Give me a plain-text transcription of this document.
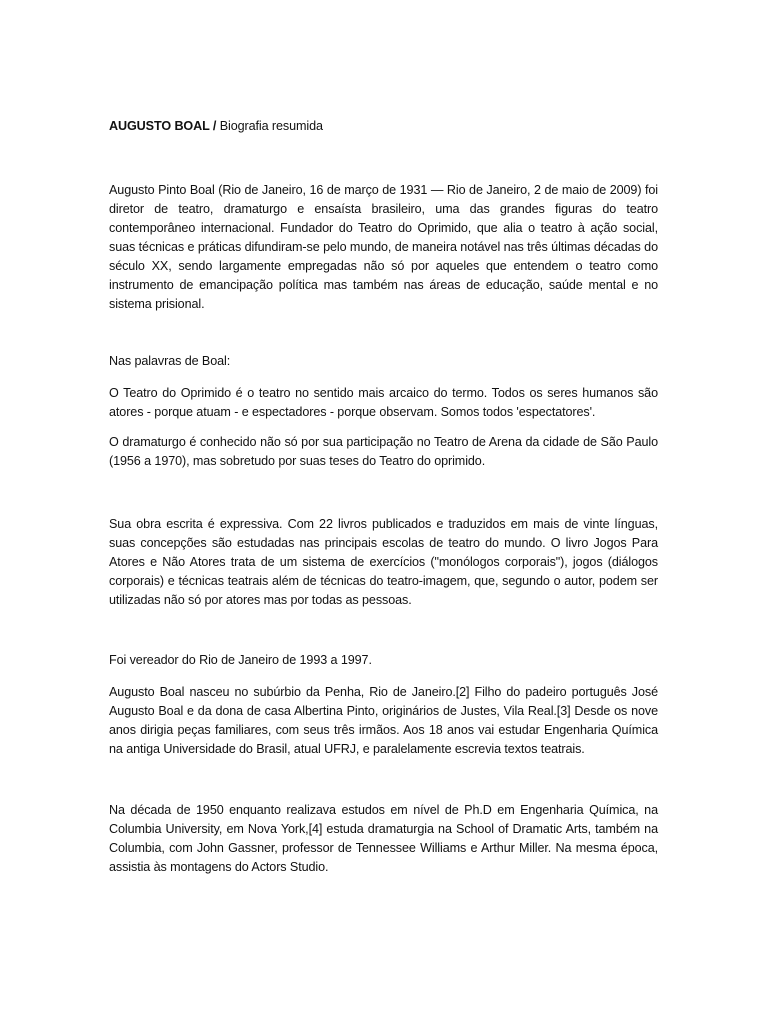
AUGUSTO BOAL / Biografia resumida
Augusto Pinto Boal (Rio de Janeiro, 16 de março de 1931 — Rio de Janeiro, 2 de maio de 2009) foi diretor de teatro, dramaturgo e ensaísta brasileiro, uma das grandes figuras do teatro contemporâneo internacional. Fundador do Teatro do Oprimido, que alia o teatro à ação social, suas técnicas e práticas difundiram-se pelo mundo, de maneira notável nas três últimas décadas do século XX, sendo largamente empregadas não só por aqueles que entendem o teatro como instrumento de emancipação política mas também nas áreas de educação, saúde mental e no sistema prisional.
Nas palavras de Boal:
O Teatro do Oprimido é o teatro no sentido mais arcaico do termo. Todos os seres humanos são atores - porque atuam - e espectadores - porque observam. Somos todos 'espectatores'.
O dramaturgo é conhecido não só por sua participação no Teatro de Arena da cidade de São Paulo (1956 a 1970), mas sobretudo por suas teses do Teatro do oprimido.
Sua obra escrita é expressiva. Com 22 livros publicados e traduzidos em mais de vinte línguas, suas concepções são estudadas nas principais escolas de teatro do mundo. O livro Jogos Para Atores e Não Atores trata de um sistema de exercícios ("monólogos corporais"), jogos (diálogos corporais) e técnicas teatrais além de técnicas do teatro-imagem, que, segundo o autor, podem ser utilizadas não só por atores mas por todas as pessoas.
Foi vereador do Rio de Janeiro de 1993 a 1997.
Augusto Boal nasceu no subúrbio da Penha, Rio de Janeiro.[2] Filho do padeiro português José Augusto Boal e da dona de casa Albertina Pinto, originários de Justes, Vila Real.[3] Desde os nove anos dirigia peças familiares, com seus três irmãos. Aos 18 anos vai estudar Engenharia Química na antiga Universidade do Brasil, atual UFRJ, e paralelamente escrevia textos teatrais.
Na década de 1950 enquanto realizava estudos em nível de Ph.D em Engenharia Química, na Columbia University, em Nova York,[4] estuda dramaturgia na School of Dramatic Arts, também na Columbia, com John Gassner, professor de Tennessee Williams e Arthur Miller. Na mesma época, assistia às montagens do Actors Studio.
